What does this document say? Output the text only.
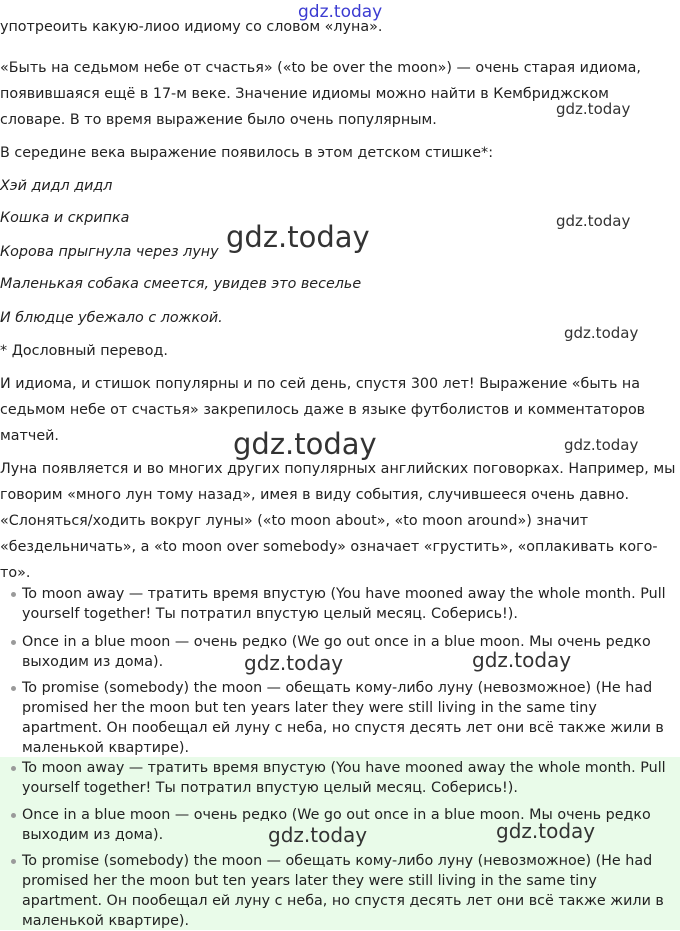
употреоить какую-лиоо идиому со словом «луна».

«Быть на седьмом небе от счастья» («to be over the moon») — очень старая идиома, появившаяся ещё в 17-м веке. Значение идиомы можно найти в Кембриджском словаре. В то время выражение было очень популярным.

В середине века выражение появилось в этом детском стишке*:

Хэй дидл дидл

Кошка и скрипка

Корова прыгнула через луну

Маленькая собака смеется, увидев это веселье

И блюдце убежало с ложкой.

* Дословный перевод.

И идиома, и стишок популярны и по сей день, спустя 300 лет! Выражение «быть на седьмом небе от счастья» закрепилось даже в языке футболистов и комментаторов матчей.

Луна появляется и во многих других популярных английских поговорках. Например, мы говорим «много лун тому назад», имея в виду события, случившееся очень давно. «Слоняться/ходить вокруг луны» («to moon about», «to moon around») значит «бездельничать», а «to moon over somebody» означает «грустить», «оплакивать кого-то».

To moon away — тратить время впустую (You have mooned away the whole month. Pull yourself together! Ты потратил впустую целый месяц. Соберись!).
Once in a blue moon — очень редко (We go out once in a blue moon. Мы очень редко выходим из дома).
To promise (somebody) the moon — обещать кому-либо луну (невозможное) (He had promised her the moon but ten years later they were still living in the same tiny apartment. Он пообещал ей луну с неба, но спустя десять лет они всё также жили в маленькой квартире).
To moon away — тратить время впустую (You have mooned away the whole month. Pull yourself together! Ты потратил впустую целый месяц. Соберись!).
Once in a blue moon — очень редко (We go out once in a blue moon. Мы очень редко выходим из дома).
To promise (somebody) the moon — обещать кому-либо луну (невозможное) (He had promised her the moon but ten years later they were still living in the same tiny apartment. Он пообещал ей луну с неба, но спустя десять лет они всё также жили в маленькой квартире).
gdz.today
gdz.today
gdz.today
gdz.today
gdz.today
gdz.today	gdz.today
gdz.today	gdz.today
gdz.today	gdz.today
